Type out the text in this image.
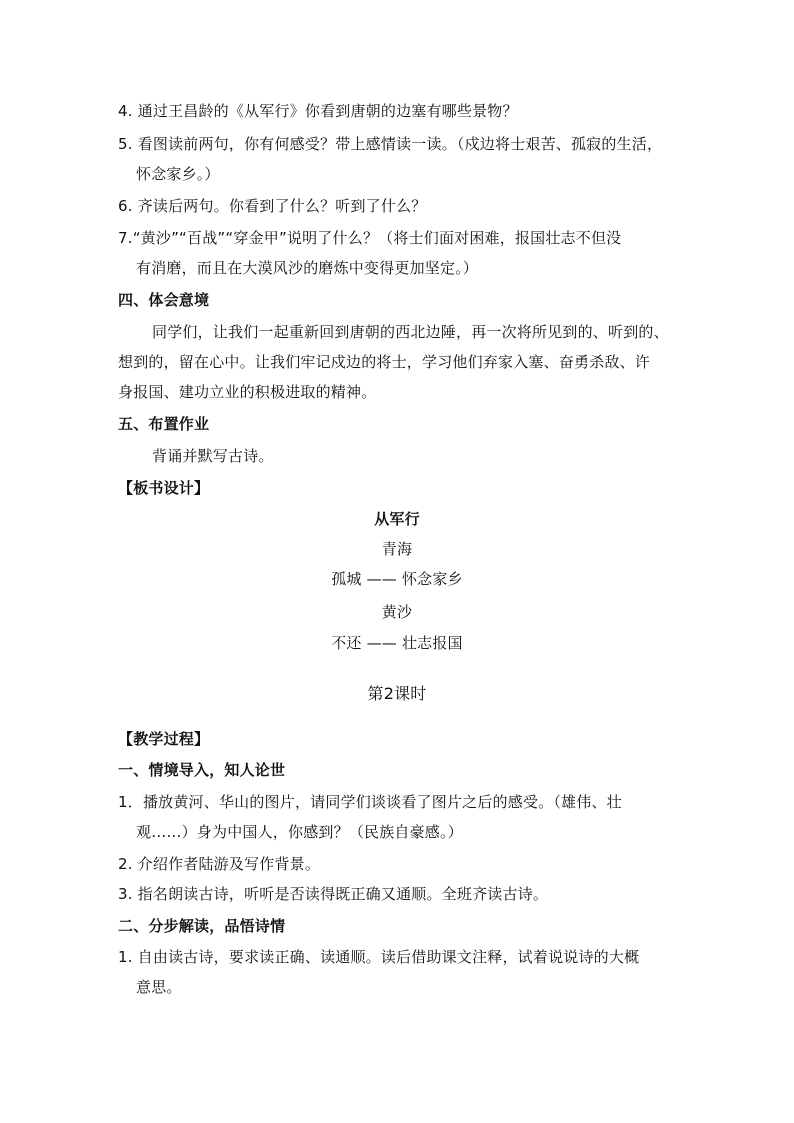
4. 通过王昌龄的《从军行》你看到唐朝的边塞有哪些景物？
5. 看图读前两句，你有何感受？带上感情读一读。（戍边将士艰苦、孤寂的生活，
怀念家乡。）
6. 齐读后两句。你看到了什么？听到了什么？
7.“黄沙”“百战”“穿金甲”说明了什么？（将士们面对困难，报国壮志不但没
有消磨，而且在大漠风沙的磨炼中变得更加坚定。）
四、体会意境
同学们，让我们一起重新回到唐朝的西北边陲，再一次将所见到的、听到的、
想到的，留在心中。让我们牢记戍边的将士，学习他们弃家入塞、奋勇杀敌、许
身报国、建功立业的积极进取的精神。
五、布置作业
背诵并默写古诗。
【板书设计】
从军行
青海
孤城 —— 怀念家乡
黄沙
不还 —— 壮志报国
第2课时
【教学过程】
一、情境导入，知人论世
1．播放黄河、华山的图片，请同学们谈谈看了图片之后的感受。（雄伟、壮
观……）身为中国人，你感到？（民族自豪感。）
2. 介绍作者陆游及写作背景。
3. 指名朗读古诗，听听是否读得既正确又通顺。全班齐读古诗。
二、分步解读，品悟诗情
1. 自由读古诗，要求读正确、读通顺。读后借助课文注释，试着说说诗的大概
意思。
